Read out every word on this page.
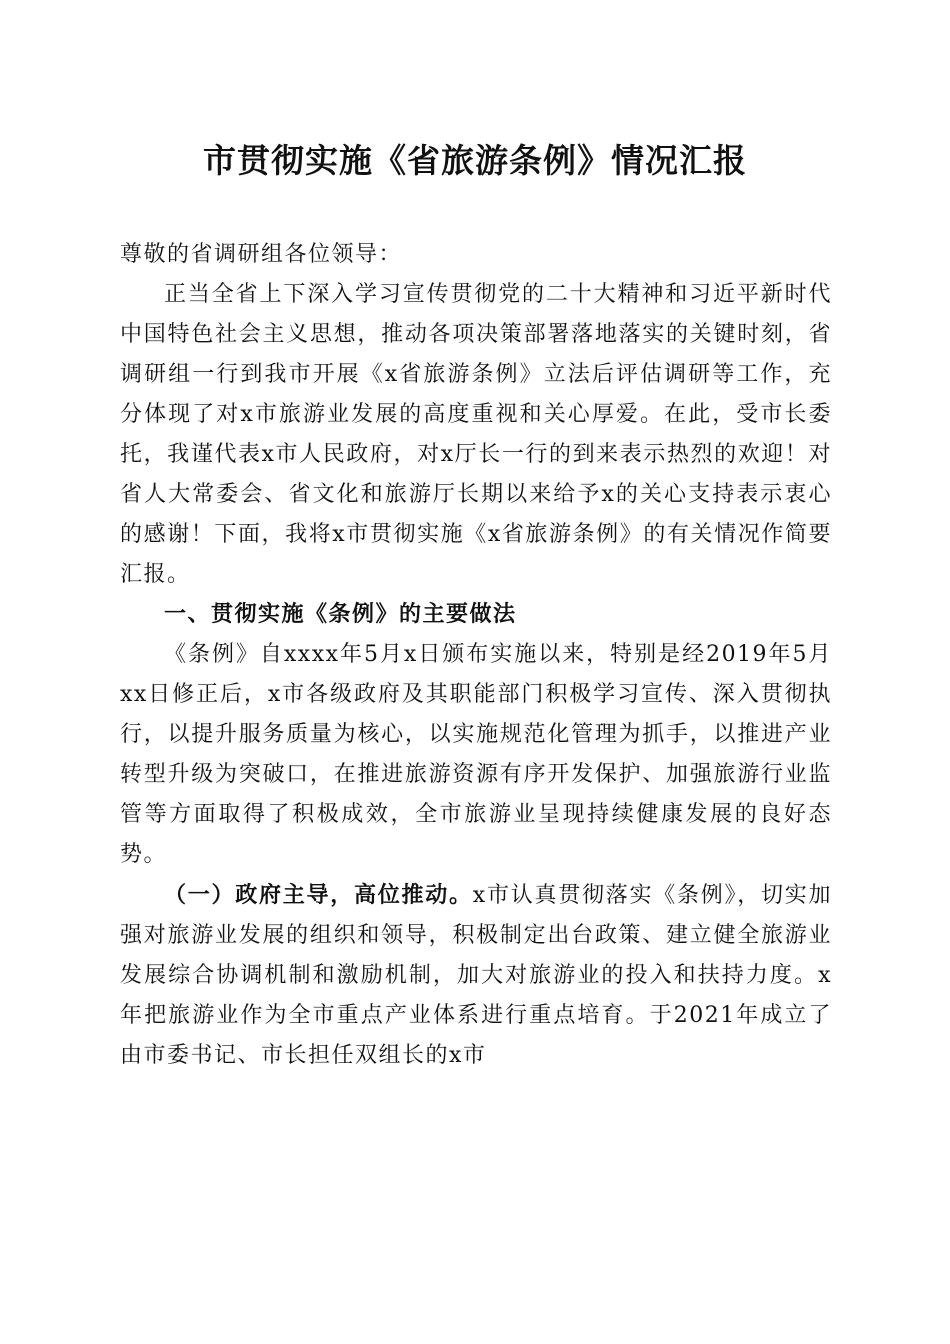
市贯彻实施《省旅游条例》情况汇报

尊敬的省调研组各位领导：

正当全省上下深入学习宣传贯彻党的二十大精神和习近平新时代中国特色社会主义思想，推动各项决策部署落地落实的关键时刻，省调研组一行到我市开展《x省旅游条例》立法后评估调研等工作，充分体现了对x市旅游业发展的高度重视和关心厚爱。在此，受市长委托，我谨代表x市人民政府，对x厅长一行的到来表示热烈的欢迎！对省人大常委会、省文化和旅游厅长期以来给予x的关心支持表示衷心的感谢！下面，我将x市贯彻实施《x省旅游条例》的有关情况作简要汇报。

一、贯彻实施《条例》的主要做法

《条例》自xxxx年5月x日颁布实施以来，特别是经2019年5月xx日修正后，x市各级政府及其职能部门积极学习宣传、深入贯彻执行，以提升服务质量为核心，以实施规范化管理为抓手，以推进产业转型升级为突破口，在推进旅游资源有序开发保护、加强旅游行业监管等方面取得了积极成效，全市旅游业呈现持续健康发展的良好态势。

（一）政府主导，高位推动。x市认真贯彻落实《条例》，切实加强对旅游业发展的组织和领导，积极制定出台政策、建立健全旅游业发展综合协调机制和激励机制，加大对旅游业的投入和扶持力度。x年把旅游业作为全市重点产业体系进行重点培育。于2021年成立了由市委书记、市长担任双组长的x市
